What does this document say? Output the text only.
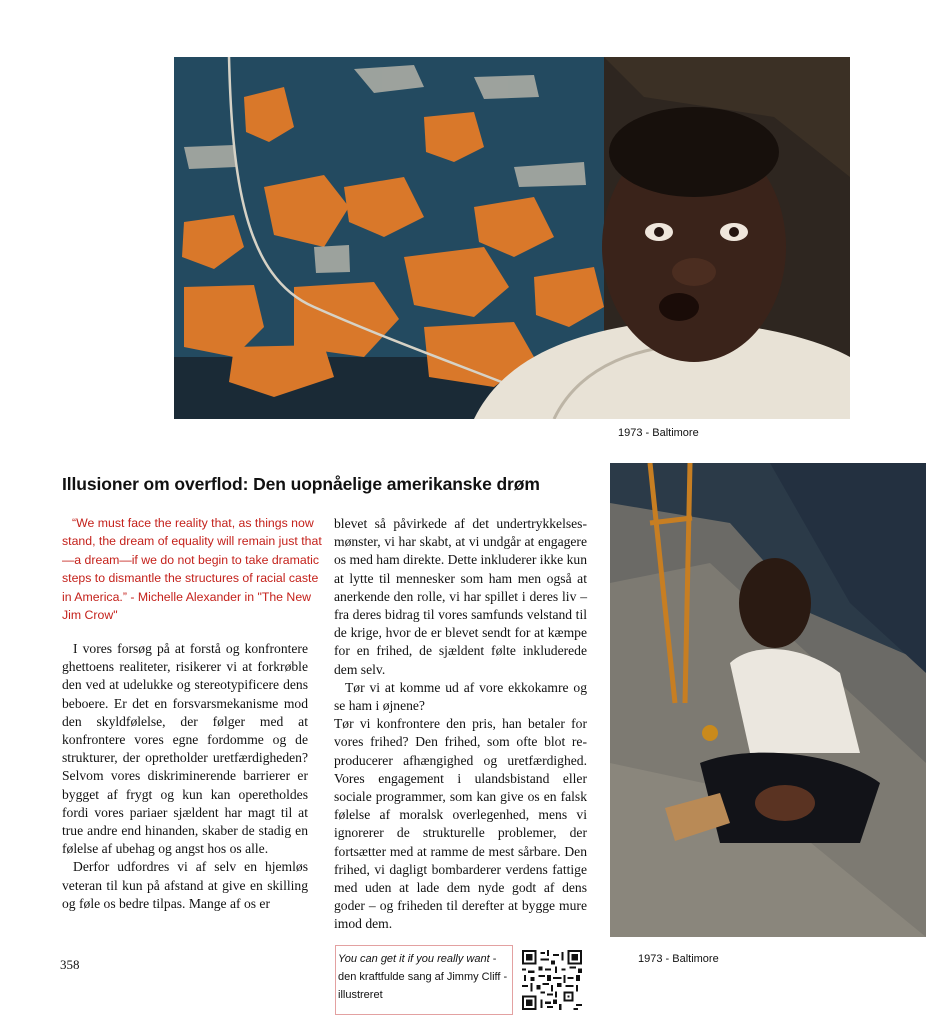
1973 - Baltimore
Illusioner om overflod: Den uopnåelige amerikanske drøm

“We must face the reality that, as things now stand, the dream of equality will remain just that—a dream—if we do not begin to take dramatic steps to dismantle the structures of racial caste in America.” - Michelle Alexander in "The New Jim Crow"

I vores forsøg på at forstå og konfrontere ghettoens realiteter, risikerer vi at forkrøble den ved at udelukke og stereotypificere dens beboere. Er det en forsvarsmekanisme mod den skyldfølelse, der følger med at konfrontere vores egne fordomme og de strukturer, der opretholder uretfærdigheden? Selvom vores diskriminerende barrierer er bygget af frygt og kun kan operetholdes fordi vores pariaer sjældent har magt til at true andre end hinanden, skaber de stadig en følelse af ubehag og angst hos os alle.

Derfor udfordres vi af selv en hjemløs veteran til kun på afstand at give en skilling og føle os bedre tilpas. Mange af os er

blevet så påvirkede af det undertrykkelsesmønster, vi har skabt, at vi undgår at engagere os med ham direkte. Dette inkluderer ikke kun at lytte til mennesker som ham men også at anerkende den rolle, vi har spillet i deres liv – fra deres bidrag til vores samfunds velstand til de krige, hvor de er blevet sendt for at kæmpe for en frihed, de sjældent følte inkluderede dem selv.

Tør vi at komme ud af vore ekkokamre og se ham i øjnene?

Tør vi konfrontere den pris, han betaler for vores frihed? Den frihed, som ofte blot reproducerer afhængighed og uretfærdighed. Vores engagement i ulandsbistand eller sociale programmer, som kan give os en falsk følelse af moralsk overlegenhed, mens vi ignorerer de strukturelle problemer, der fortsætter med at ramme de mest sårbare. Den frihed, vi dagligt bombarderer verdens fattige med uden at lade dem nyde godt af dens goder – og friheden til derefter at bygge mure imod dem.

1973 - Baltimore
358	You can get it if you really want - den kraftfulde sang af Jimmy Cliff - illustreret
